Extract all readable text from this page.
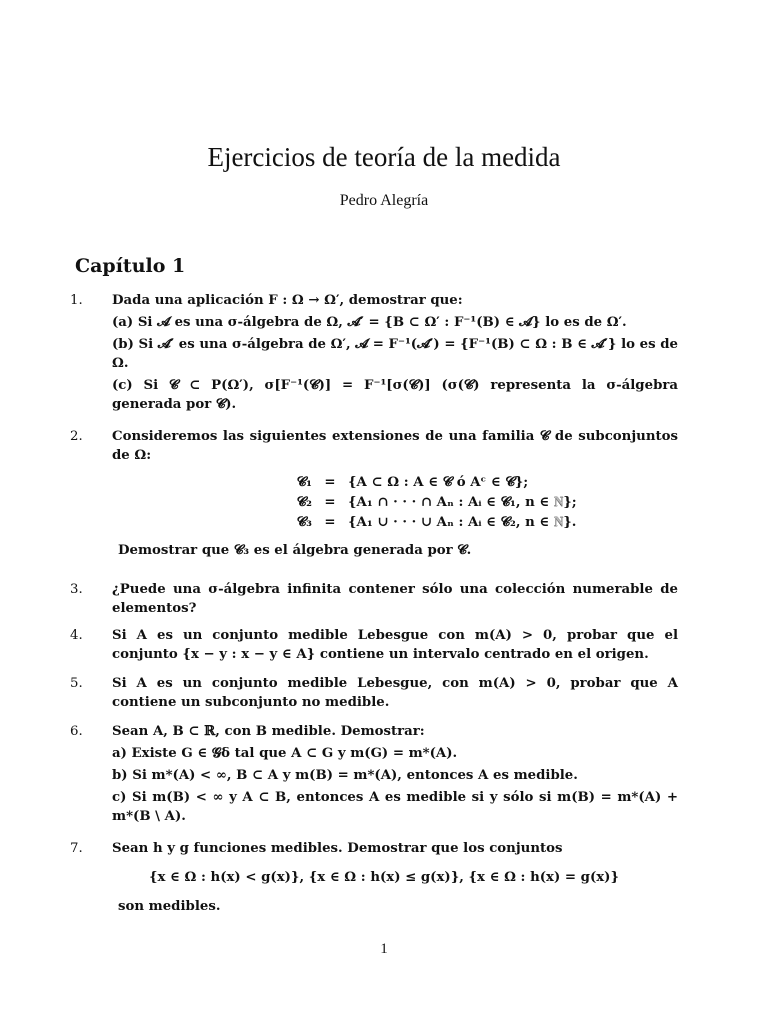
Ejercicios de teoría de la medida
Pedro Alegría
Capítulo 1
1. Dada una aplicación F : Ω → Ω′, demostrar que:

(a) Si 𝓐 es una σ-álgebra de Ω, 𝓐′ = {B ⊂ Ω′ : F⁻¹(B) ∈ 𝓐} lo es de Ω′.

(b) Si 𝓐′ es una σ-álgebra de Ω′, 𝓐 = F⁻¹(𝓐′) = {F⁻¹(B) ⊂ Ω : B ∈ 𝓐′} lo es de Ω.

(c) Si 𝓒 ⊂ P(Ω′), σ[F⁻¹(𝓒)] = F⁻¹[σ(𝓒)] (σ(𝓒) representa la σ-álgebra generada por 𝓒).

2. Consideremos las siguientes extensiones de una familia 𝓒 de subconjuntos de Ω:

𝓒₁ = {A ⊂ Ω : A ∈ 𝓒 ó Aᶜ ∈ 𝓒};
𝓒₂ = {A₁ ∩ · · · ∩ Aₙ : Aᵢ ∈ 𝓒₁, n ∈ ℕ};
𝓒₃ = {A₁ ∪ · · · ∪ Aₙ : Aᵢ ∈ 𝓒₂, n ∈ ℕ}.

Demostrar que 𝓒₃ es el álgebra generada por 𝓒.

3. ¿Puede una σ-álgebra infinita contener sólo una colección numerable de elementos?

4. Si A es un conjunto medible Lebesgue con m(A) > 0, probar que el conjunto {x − y : x − y ∈ A} contiene un intervalo centrado en el origen.

5. Si A es un conjunto medible Lebesgue, con m(A) > 0, probar que A contiene un subconjunto no medible.

6. Sean A, B ⊂ ℝ, con B medible. Demostrar:

a) Existe G ∈ 𝓖δ tal que A ⊂ G y m(G) = m*(A).

b) Si m*(A) < ∞, B ⊂ A y m(B) = m*(A), entonces A es medible.

c) Si m(B) < ∞ y A ⊂ B, entonces A es medible si y sólo si m(B) = m*(A) + m*(B \ A).

7. Sean h y g funciones medibles. Demostrar que los conjuntos

{x ∈ Ω : h(x) < g(x)}, {x ∈ Ω : h(x) ≤ g(x)}, {x ∈ Ω : h(x) = g(x)}

son medibles.

1
